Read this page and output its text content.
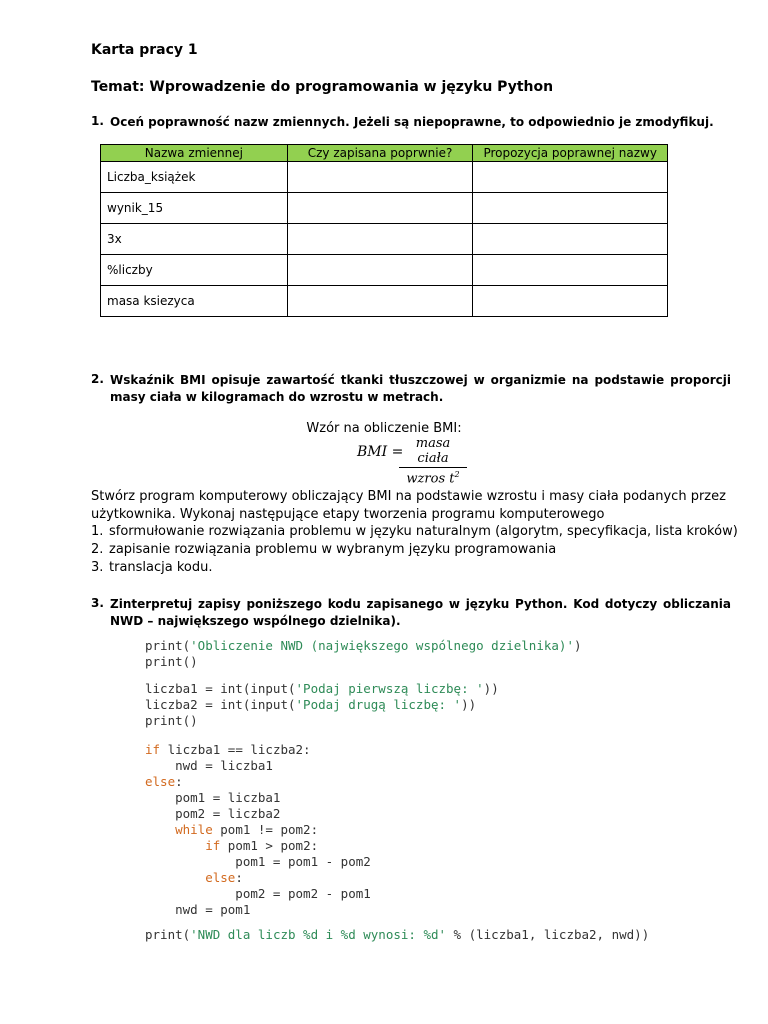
Karta pracy 1
Temat: Wprowadzenie do programowania w języku Python
1. Oceń poprawność nazw zmiennych. Jeżeli są niepoprawne, to odpowiednio je zmodyfikuj.
Nazwa zmiennej	Czy zapisana poprwnie?	Propozycja poprawnej nazwy
Liczba_książek		
wynik_15		
3x		
%liczby		
masa ksiezyca		
2. Wskaźnik BMI opisuje zawartość tkanki tłuszczowej w organizmie na podstawie proporcji masy ciała w kilogramach do wzrostu w metrach.
Wzór na obliczenie BMI:
BMI =
masa ciała
wzros $t^2$
Stwórz program komputerowy obliczający BMI na podstawie wzrostu i masy ciała podanych przez użytkownika. Wykonaj następujące etapy tworzenia programu komputerowego
1. sformułowanie rozwiązania problemu w języku naturalnym (algorytm, specyfikacja, lista kroków)
2. zapisanie rozwiązania problemu w wybranym języku programowania
3. translacja kodu.
3. Zinterpretuj zapisy poniższego kodu zapisanego w języku Python. Kod dotyczy obliczania NWD – największego wspólnego dzielnika).

print('Obliczenie NWD (największego wspólnego dzielnika)')

print()

liczba1 = int(input('Podaj pierwszą liczbę: '))

liczba2 = int(input('Podaj drugą liczbę: '))

print()

if liczba1 == liczba2:

nwd = liczba1

else:

pom1 = liczba1

pom2 = liczba2

while pom1 != pom2:

if pom1 > pom2:

pom1 = pom1 - pom2

else:

pom2 = pom2 - pom1

nwd = pom1

print('NWD dla liczb %d i %d wynosi: %d' % (liczba1, liczba2, nwd))
